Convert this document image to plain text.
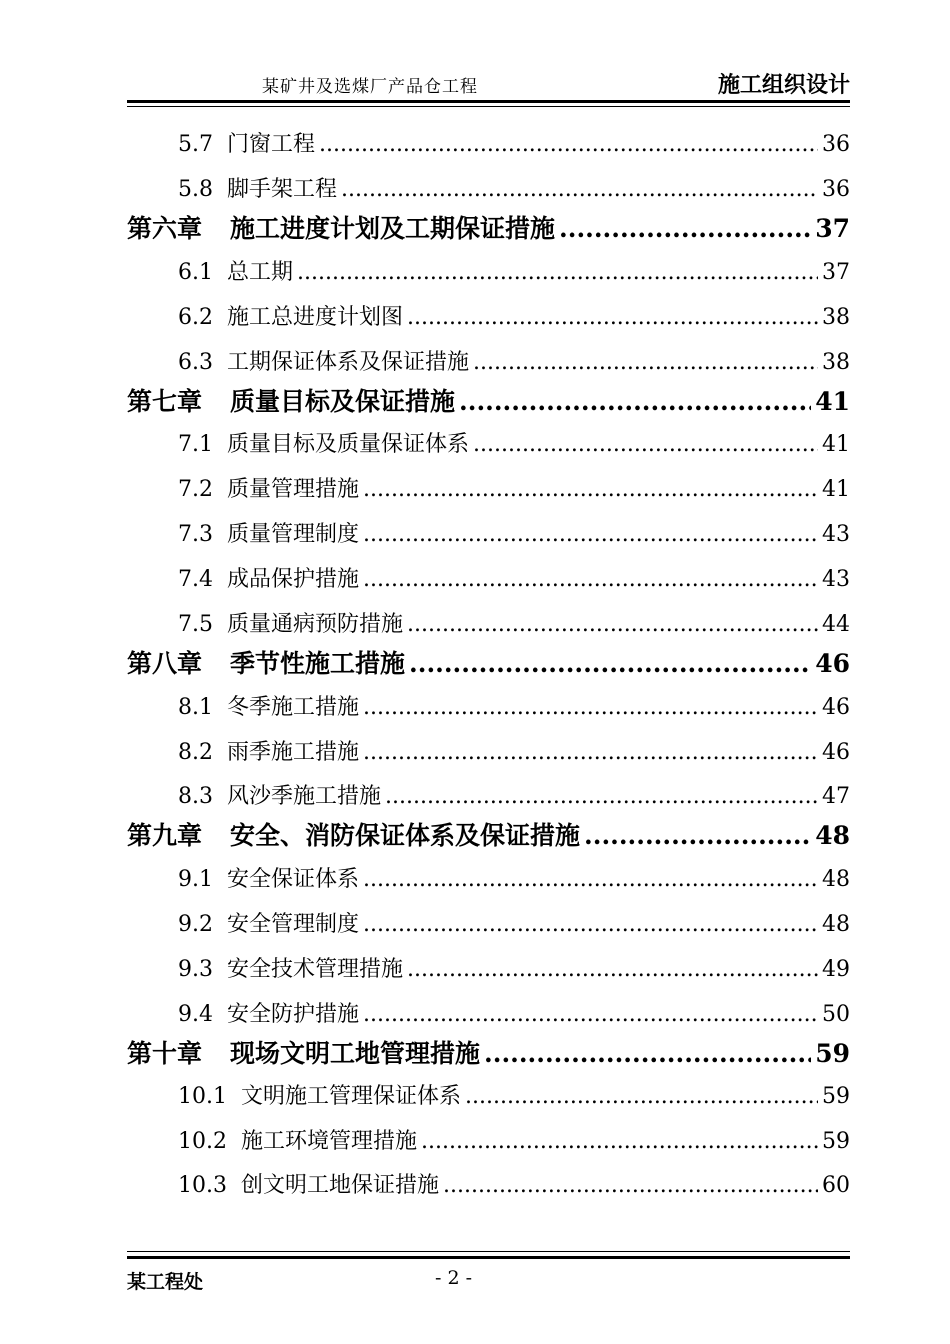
某矿井及选煤厂产品仓工程	施工组织设计
5.7 门窗工程 .....	36
5.8 脚手架工程 .....	36
第六章 施工进度计划及工期保证措施 .....	37
6.1 总工期 .....	37
6.2 施工总进度计划图 .....	38
6.3 工期保证体系及保证措施 .....	38
第七章 质量目标及保证措施 .....	41
7.1 质量目标及质量保证体系 .....	41
7.2 质量管理措施 .....	41
7.3 质量管理制度 .....	43
7.4 成品保护措施 .....	43
7.5 质量通病预防措施 .....	44
第八章 季节性施工措施 .....	46
8.1 冬季施工措施 .....	46
8.2 雨季施工措施 .....	46
8.3 风沙季施工措施 .....	47
第九章 安全、消防保证体系及保证措施 .....	48
9.1 安全保证体系 .....	48
9.2 安全管理制度 .....	48
9.3 安全技术管理措施 .....	49
9.4 安全防护措施 .....	50
第十章 现场文明工地管理措施 .....	59
10.1 文明施工管理保证体系 .....	59
10.2 施工环境管理措施 .....	59
10.3 创文明工地保证措施 .....	60
某工程处	- 2 -
